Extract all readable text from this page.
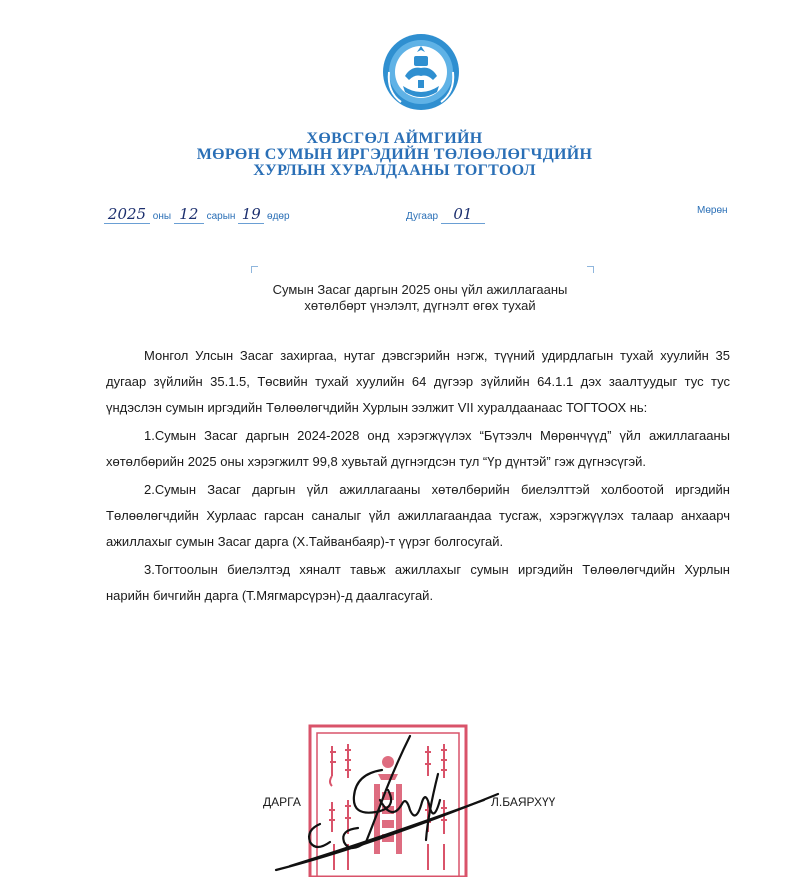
ХӨВСГӨЛ АЙМГИЙН
МӨРӨН СУМЫН ИРГЭДИЙН ТӨЛӨӨЛӨГЧДИЙН
ХУРЛЫН ХУРАЛДААНЫ ТОГТООЛ
2025 оны 12 сарын 19 өдөр	Дугаар 01	Мөрөн
Сумын Засаг даргын 2025 оны үйл ажиллагааны
хөтөлбөрт үнэлэлт, дүгнэлт өгөх тухай

Монгол Улсын Засаг захиргаа, нутаг дэвсгэрийн нэгж, түүний удирдлагын тухай хуулийн 35 дугаар зүйлийн 35.1.5, Төсвийн тухай хуулийн 64 дүгээр зүйлийн 64.1.1 дэх заалтуудыг тус тус үндэслэн сумын иргэдийн Төлөөлөгчдийн Хурлын ээлжит VII хуралдаанаас ТОГТООХ нь:

1.Сумын Засаг даргын 2024-2028 онд хэрэгжүүлэх “Бүтээлч Мөрөнчүүд” үйл ажиллагааны хөтөлбөрийн 2025 оны хэрэгжилт 99,8 хувьтай дүгнэгдсэн тул “Үр дүнтэй” гэж дүгнэсүгэй.

2.Сумын Засаг даргын үйл ажиллагааны хөтөлбөрийн биелэлттэй холбоотой иргэдийн Төлөөлөгчдийн Хурлаас гарсан саналыг үйл ажиллагаандаа тусгаж, хэрэгжүүлэх талаар анхаарч ажиллахыг сумын Засаг дарга (Х.Тайванбаяр)-т үүрэг болгосугай.

3.Тогтоолын биелэлтэд хяналт тавьж ажиллахыг сумын иргэдийн Төлөөлөгчдийн Хурлын нарийн бичгийн дарга (Т.Мягмарсүрэн)-д даалгасугай.

ДАРГА	Л.БАЯРХҮҮ
